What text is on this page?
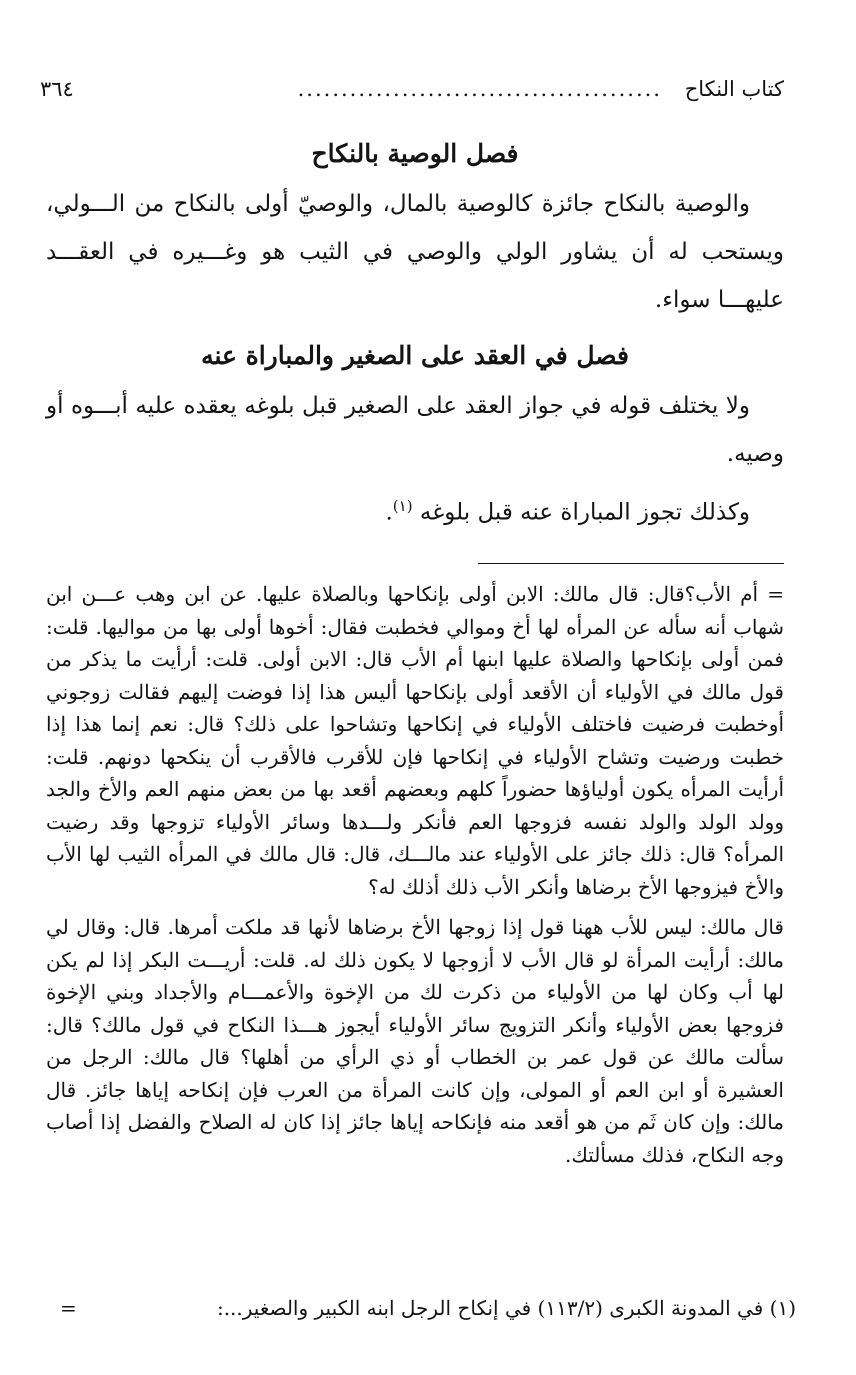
كتاب النكاح
..........................................
٣٦٤
فصل الوصية بالنكاح

والوصية بالنكاح جائزة كالوصية بالمال، والوصيّ أولى بالنكاح من الـــولي، ويستحب له أن يشاور الولي والوصي في الثيب هو وغـــيره في العقـــد عليهـــا سواء.

فصل في العقد على الصغير والمباراة عنه

ولا يختلف قوله في جواز العقد على الصغير قبل بلوغه يعقده عليه أبـــوه أو وصيه.

وكذلك تجوز المباراة عنه قبل بلوغه $^{(١)}$.

= أم الأب؟قال: قال مالك: الابن أولى بإنكاحها وبالصلاة عليها. عن ابن وهب عـــن ابن شهاب أنه سأله عن المرأه لها أخ وموالي فخطبت فقال: أخوها أولى بها من مواليها. قلت: فمن أولى بإنكاحها والصلاة عليها ابنها أم الأب قال: الابن أولى. قلت: أرأيت ما يذكر من قول مالك في الأولياء أن الأقعد أولى بإنكاحها أليس هذا إذا فوضت إليهم فقالت زوجوني أوخطبت فرضيت فاختلف الأولياء في إنكاحها وتشاحوا على ذلك؟ قال: نعم إنما هذا إذا خطبت ورضيت وتشاح الأولياء في إنكاحها فإن للأقرب فالأقرب أن ينكحها دونهم. قلت: أرأيت المرأه يكون أولياؤها حضوراً كلهم وبعضهم أقعد بها من بعض منهم العم والأخ والجد وولد الولد والولد نفسه فزوجها العم فأنكر ولـــدها وسائر الأولياء تزوجها وقد رضيت المرأه؟ قال: ذلك جائز على الأولياء عند مالـــك، قال: قال مالك في المرأه الثيب لها الأب والأخ فيزوجها الأخ برضاها وأنكر الأب ذلك أذلك له؟

قال مالك: ليس للأب ههنا قول إذا زوجها الأخ برضاها لأنها قد ملكت أمرها. قال: وقال لي مالك: أرأيت المرأة لو قال الأب لا أزوجها لا يكون ذلك له. قلت: أريـــت البكر إذا لم يكن لها أب وكان لها من الأولياء من ذكرت لك من الإخوة والأعمـــام والأجداد وبني الإخوة فزوجها بعض الأولياء وأنكر التزويج سائر الأولياء أيجوز هـــذا النكاح في قول مالك؟ قال: سألت مالك عن قول عمر بن الخطاب أو ذي الرأي من أهلها؟ قال مالك: الرجل من العشيرة أو ابن العم أو المولى، وإن كانت المرأة من العرب فإن إنكاحه إياها جائز. قال مالك: وإن كان ثَم من هو أقعد منه فإنكاحه إياها جائز إذا كان له الصلاح والفضل إذا أصاب وجه النكاح، فذلك مسألتك.

(١) في المدونة الكبرى (١١٣/٢) في إنكاح الرجل ابنه الكبير والصغير...:
=
